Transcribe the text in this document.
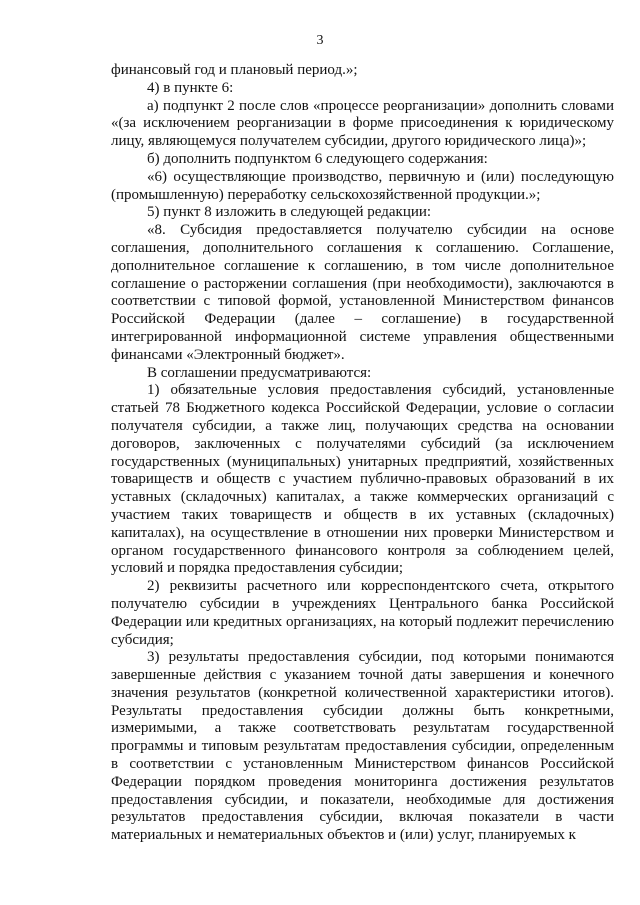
3

финансовый год и плановый период.»;

4) в пункте 6:

а) подпункт 2 после слов «процессе реорганизации» дополнить словами «(за исключением реорганизации в форме присоединения к юридическому лицу, являющемуся получателем субсидии, другого юридического лица)»;

б) дополнить подпунктом 6 следующего содержания:

«6) осуществляющие производство, первичную и (или) последующую (промышленную) переработку сельскохозяйственной продукции.»;

5) пункт 8 изложить в следующей редакции:

«8. Субсидия предоставляется получателю субсидии на основе соглашения, дополнительного соглашения к соглашению. Соглашение, дополнительное соглашение к соглашению, в том числе дополнительное соглашение о расторжении соглашения (при необходимости), заключаются в соответствии с типовой формой, установленной Министерством финансов Российской Федерации (далее – соглашение) в государственной интегрированной информационной системе управления общественными финансами «Электронный бюджет».

В соглашении предусматриваются:

1) обязательные условия предоставления субсидий, установленные статьей 78 Бюджетного кодекса Российской Федерации, условие о согласии получателя субсидии, а также лиц, получающих средства на основании договоров, заключенных с получателями субсидий (за исключением государственных (муниципальных) унитарных предприятий, хозяйственных товариществ и обществ с участием публично-правовых образований в их уставных (складочных) капиталах, а также коммерческих организаций с участием таких товариществ и обществ в их уставных (складочных) капиталах), на осуществление в отношении них проверки Министерством и органом государственного финансового контроля за соблюдением целей, условий и порядка предоставления субсидии;

2) реквизиты расчетного или корреспондентского счета, открытого получателю субсидии в учреждениях Центрального банка Российской Федерации или кредитных организациях, на который подлежит перечислению субсидия;

3) результаты предоставления субсидии, под которыми понимаются завершенные действия с указанием точной даты завершения и конечного значения результатов (конкретной количественной характеристики итогов). Результаты предоставления субсидии должны быть конкретными, измеримыми, а также соответствовать результатам государственной программы и типовым результатам предоставления субсидии, определенным в соответствии с установленным Министерством финансов Российской Федерации порядком проведения мониторинга достижения результатов предоставления субсидии, и показатели, необходимые для достижения результатов предоставления субсидии, включая показатели в части материальных и нематериальных объектов и (или) услуг, планируемых к
